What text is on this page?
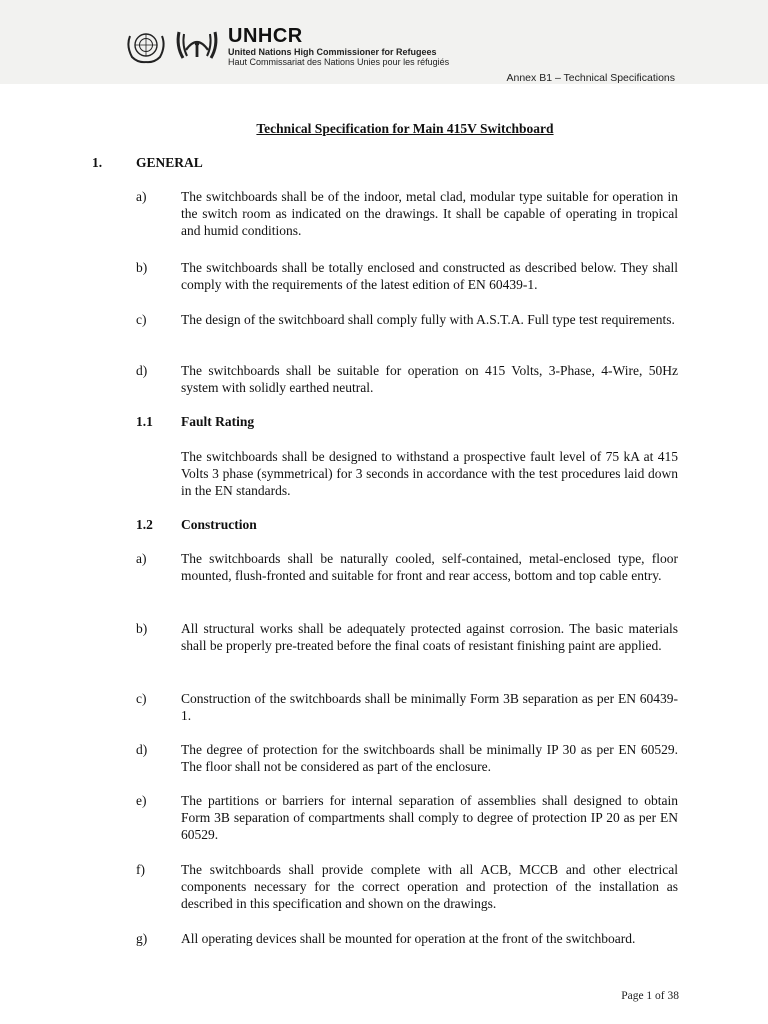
UNHCR
United Nations High Commissioner for Refugees
Haut Commissariat des Nations Unies pour les réfugiés
Annex B1 – Technical Specifications
Technical Specification for Main 415V Switchboard
1.	GENERAL
a)	The switchboards shall be of the indoor, metal clad, modular type suitable for operation in the switch room as indicated on the drawings. It shall be capable of operating in tropical and humid conditions.
b)	The switchboards shall be totally enclosed and constructed as described below. They shall comply with the requirements of the latest edition of EN 60439-1.
c)	The design of the switchboard shall comply fully with A.S.T.A. Full type test requirements.
d)	The switchboards shall be suitable for operation on 415 Volts, 3-Phase, 4-Wire, 50Hz system with solidly earthed neutral.
1.1 Fault Rating
The switchboards shall be designed to withstand a prospective fault level of 75 kA at 415 Volts 3 phase (symmetrical) for 3 seconds in accordance with the test procedures laid down in the EN standards.
1.2 Construction
a)	The switchboards shall be naturally cooled, self-contained, metal-enclosed type, floor mounted, flush-fronted and suitable for front and rear access, bottom and top cable entry.
b)	All structural works shall be adequately protected against corrosion. The basic materials shall be properly pre-treated before the final coats of resistant finishing paint are applied.
c)	Construction of the switchboards shall be minimally Form 3B separation as per EN 60439-1.
d)	The degree of protection for the switchboards shall be minimally IP 30 as per EN 60529. The floor shall not be considered as part of the enclosure.
e)	The partitions or barriers for internal separation of assemblies shall designed to obtain Form 3B separation of compartments shall comply to degree of protection IP 20 as per EN 60529.
f)	The switchboards shall provide complete with all ACB, MCCB and other electrical components necessary for the correct operation and protection of the installation as described in this specification and shown on the drawings.
g)	All operating devices shall be mounted for operation at the front of the switchboard.
Page 1 of 38
